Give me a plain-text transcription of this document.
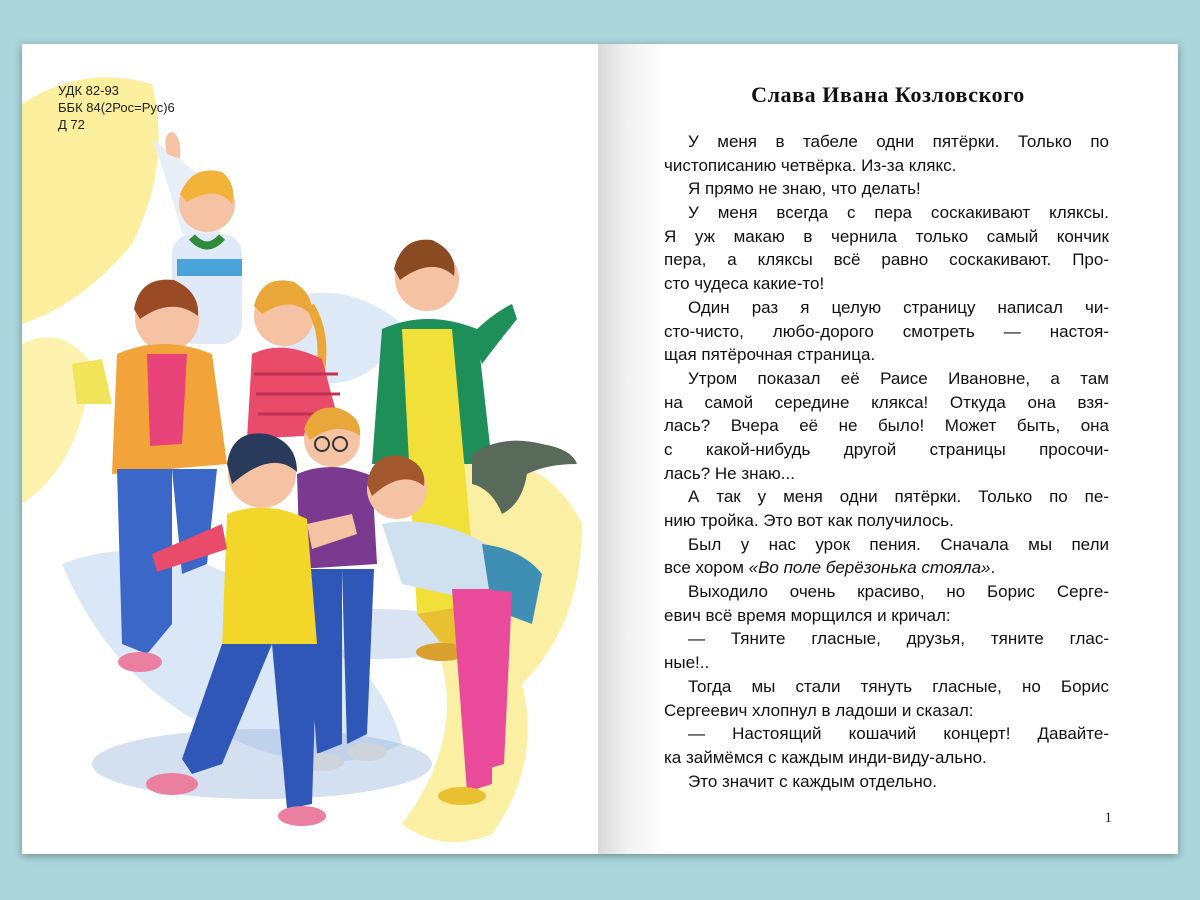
УДК 82-93
ББК 84(2Рос=Рус)6
Д 72
Слава Ивана Козловского
У меня в табеле одни пятёрки. Только по
чистописанию четвёрка. Из-за клякс.
Я прямо не знаю, что делать!
У меня всегда с пера соскакивают кляксы.
Я уж макаю в чернила только самый кончик
пера, а кляксы всё равно соскакивают. Про-
сто чудеса какие-то!
Один раз я целую страницу написал чи-
сто-чисто, любо-дорого смотреть — настоя-
щая пятёрочная страница.
Утром показал её Раисе Ивановне, а там
на самой середине клякса! Откуда она взя-
лась? Вчера её не было! Может быть, она
с какой-нибудь другой страницы просочи-
лась? Не знаю...
А так у меня одни пятёрки. Только по пе-
нию тройка. Это вот как получилось.
Был у нас урок пения. Сначала мы пели
все хором «Во поле берёзонька стояла».
Выходило очень красиво, но Борис Серге-
евич всё время морщился и кричал:
— Тяните гласные, друзья, тяните глас-
ные!..
Тогда мы стали тянуть гласные, но Борис
Сергеевич хлопнул в ладоши и сказал:
— Настоящий кошачий концерт! Давайте-
ка займёмся с каждым инди-виду-ально.
Это значит с каждым отдельно.
1
